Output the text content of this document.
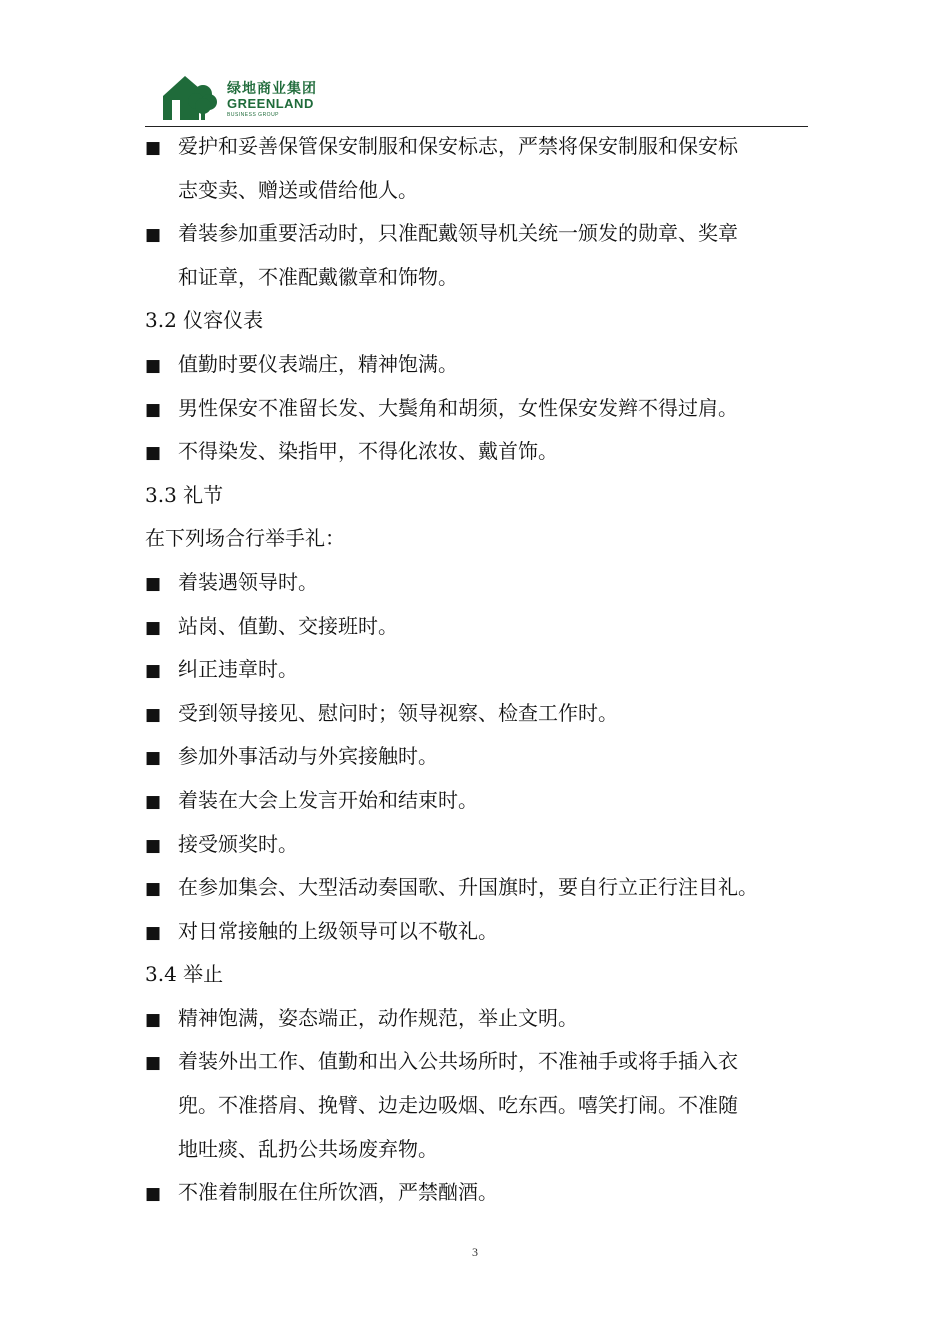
绿地商业集团
GREENLAND
BUSINESS GROUP
■ 爱护和妥善保管保安制服和保安标志，严禁将保安制服和保安标
志变卖、赠送或借给他人。
■ 着装参加重要活动时，只准配戴领导机关统一颁发的勋章、奖章
和证章，不准配戴徽章和饰物。
3.2 仪容仪表
■ 值勤时要仪表端庄，精神饱满。
■ 男性保安不准留长发、大鬓角和胡须，女性保安发辫不得过肩。
■ 不得染发、染指甲，不得化浓妆、戴首饰。
3.3 礼节
在下列场合行举手礼：
■ 着装遇领导时。
■ 站岗、值勤、交接班时。
■ 纠正违章时。
■ 受到领导接见、慰问时；领导视察、检查工作时。
■ 参加外事活动与外宾接触时。
■ 着装在大会上发言开始和结束时。
■ 接受颁奖时。
■ 在参加集会、大型活动奏国歌、升国旗时，要自行立正行注目礼。
■ 对日常接触的上级领导可以不敬礼。
3.4 举止
■ 精神饱满，姿态端正，动作规范，举止文明。
■ 着装外出工作、值勤和出入公共场所时，不准袖手或将手插入衣
兜。不准搭肩、挽臂、边走边吸烟、吃东西。嘻笑打闹。不准随
地吐痰、乱扔公共场废弃物。
■ 不准着制服在住所饮酒，严禁酗酒。
3
